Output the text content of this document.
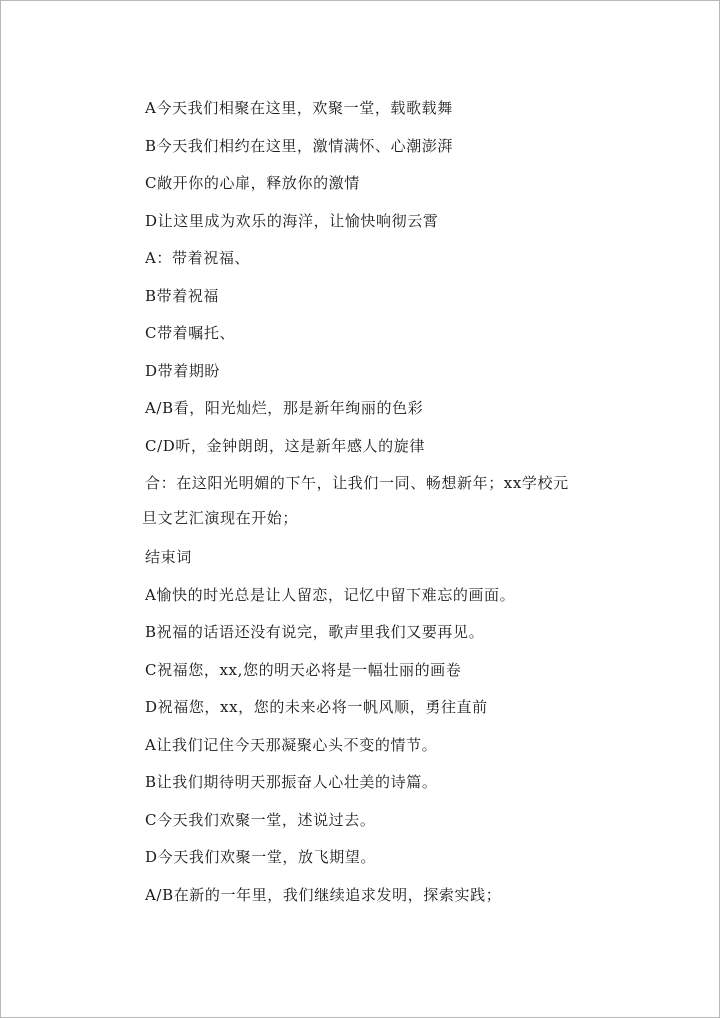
A今天我们相聚在这里，欢聚一堂，载歌载舞
B今天我们相约在这里，激情满怀、心潮澎湃
C敞开你的心扉，释放你的激情
D让这里成为欢乐的海洋，让愉快响彻云霄
A：带着祝福、
B带着祝福
C带着嘱托、
D带着期盼
A/B看，阳光灿烂，那是新年绚丽的色彩
C/D听，金钟朗朗，这是新年感人的旋律
合：在这阳光明媚的下午，让我们一同、畅想新年；xx学校元
旦文艺汇演现在开始；
结束词
A愉快的时光总是让人留恋，记忆中留下难忘的画面。
B祝福的话语还没有说完，歌声里我们又要再见。
C祝福您，xx,您的明天必将是一幅壮丽的画卷
D祝福您，xx，您的未来必将一帆风顺，勇往直前
A让我们记住今天那凝聚心头不变的情节。
B让我们期待明天那振奋人心壮美的诗篇。
C今天我们欢聚一堂，述说过去。
D今天我们欢聚一堂，放飞期望。
A/B在新的一年里，我们继续追求发明，探索实践；
